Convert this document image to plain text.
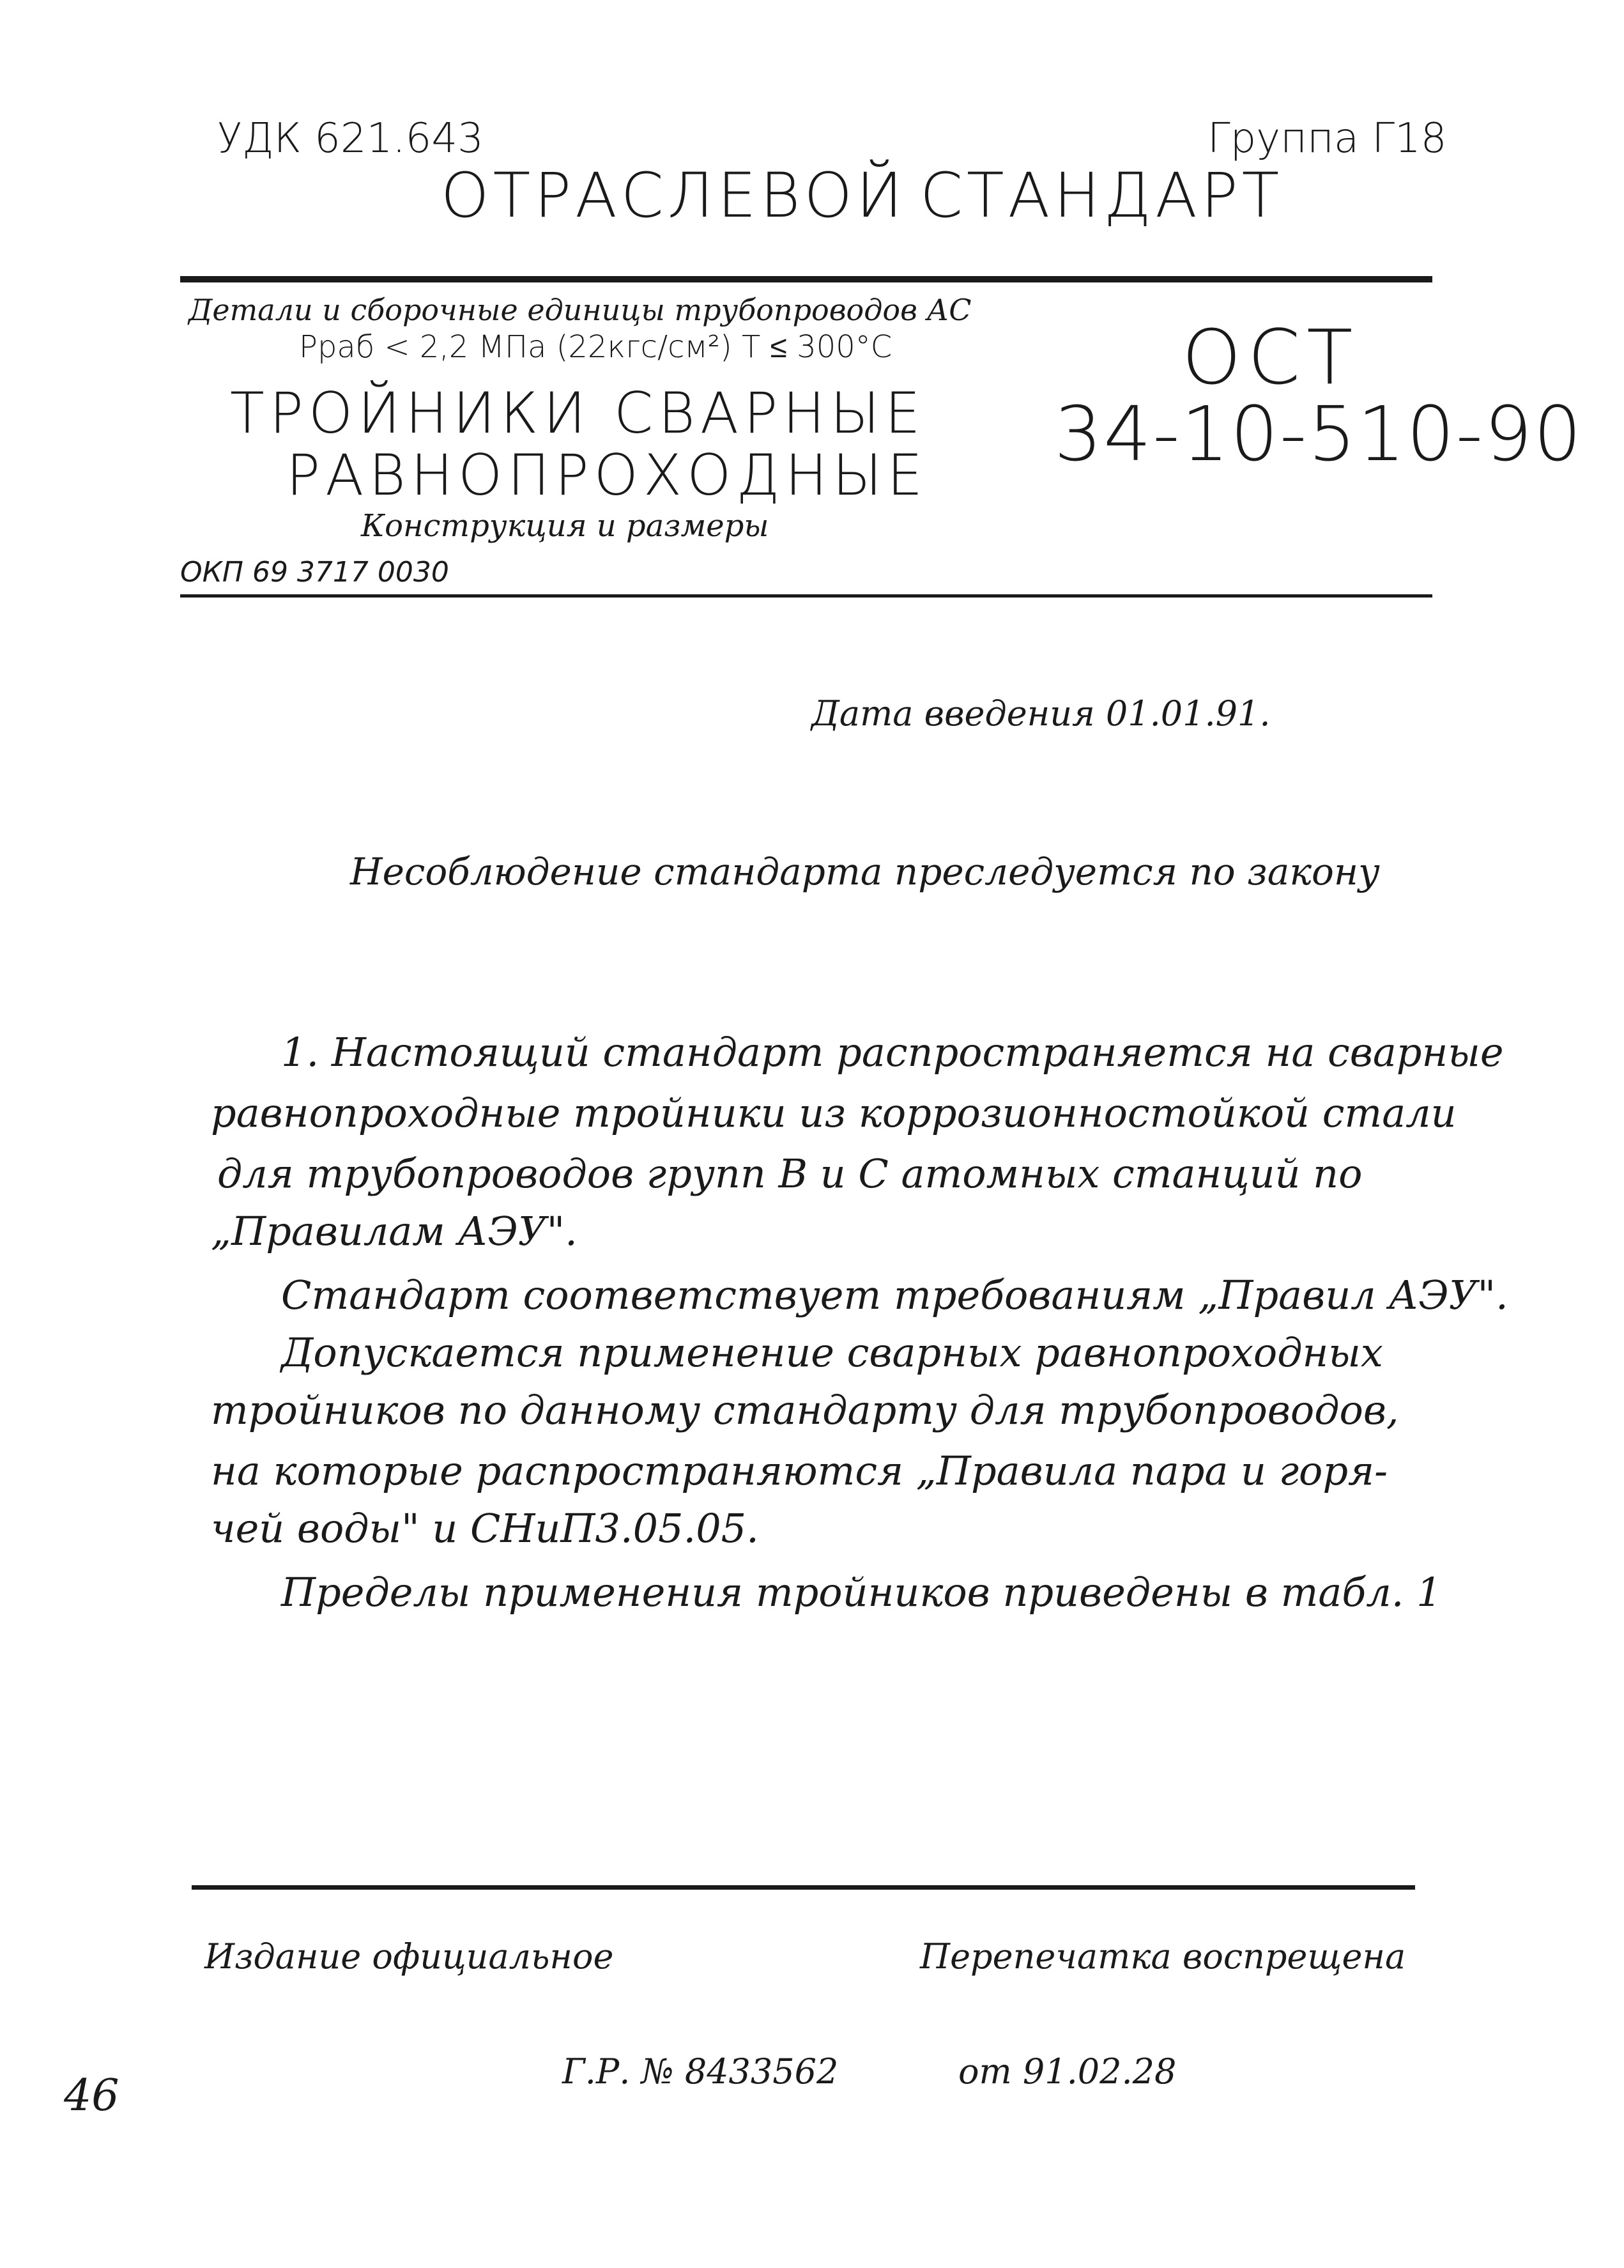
УДК 621.643	Группа Г18
ОТРАСЛЕВОЙ СТАНДАРТ
Детали и сборочные единицы трубопроводов АС
Рраб < 2,2 МПа (22кгс/см²) Т ≤ 300°С
ТРОЙНИКИ СВАРНЫЕ
РАВНОПРОХОДНЫЕ
Конструкция и размеры
ОКП 69 3717 0030
ОСТ
34-10-510-90
Дата введения 01.01.91.
Несоблюдение стандарта преследуется по закону
1. Настоящий стандарт распространяется на сварные
равнопроходные тройники из коррозионностойкой стали
для трубопроводов групп В и С атомных станций по
„Правилам АЭУ".
Стандарт соответствует требованиям „Правил АЭУ".
Допускается применение сварных равнопроходных
тройников по данному стандарту для трубопроводов,
на которые распространяются „Правила пара и горя-
чей воды" и СНиП3.05.05.
Пределы применения тройников приведены в табл. 1
Издание официальное	Перепечатка воспрещена
Г.Р. № 8433562	от 91.02.28
46
